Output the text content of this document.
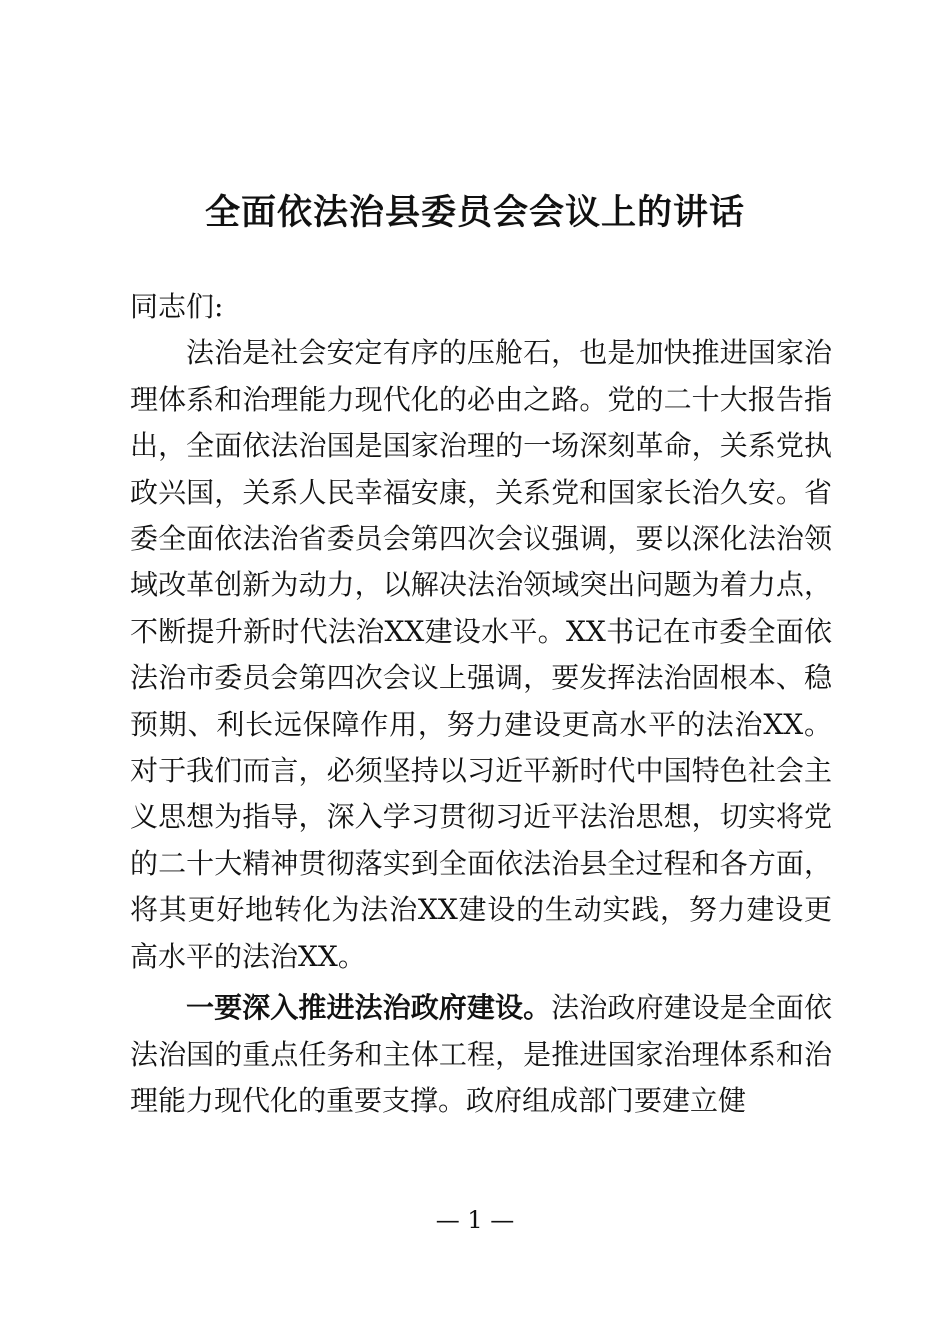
全面依法治县委员会会议上的讲话

同志们:

法治是社会安定有序的压舱石，也是加快推进国家治理体系和治理能力现代化的必由之路。党的二十大报告指出，全面依法治国是国家治理的一场深刻革命，关系党执政兴国，关系人民幸福安康，关系党和国家长治久安。省委全面依法治省委员会第四次会议强调，要以深化法治领域改革创新为动力，以解决法治领域突出问题为着力点，不断提升新时代法治XX建设水平。XX书记在市委全面依法治市委员会第四次会议上强调，要发挥法治固根本、稳预期、利长远保障作用，努力建设更高水平的法治XX。对于我们而言，必须坚持以习近平新时代中国特色社会主义思想为指导，深入学习贯彻习近平法治思想，切实将党的二十大精神贯彻落实到全面依法治县全过程和各方面，将其更好地转化为法治XX建设的生动实践，努力建设更高水平的法治XX。

一要深入推进法治政府建设。法治政府建设是全面依法治国的重点任务和主体工程，是推进国家治理体系和治理能力现代化的重要支撑。政府组成部门要建立健

— 1 —
